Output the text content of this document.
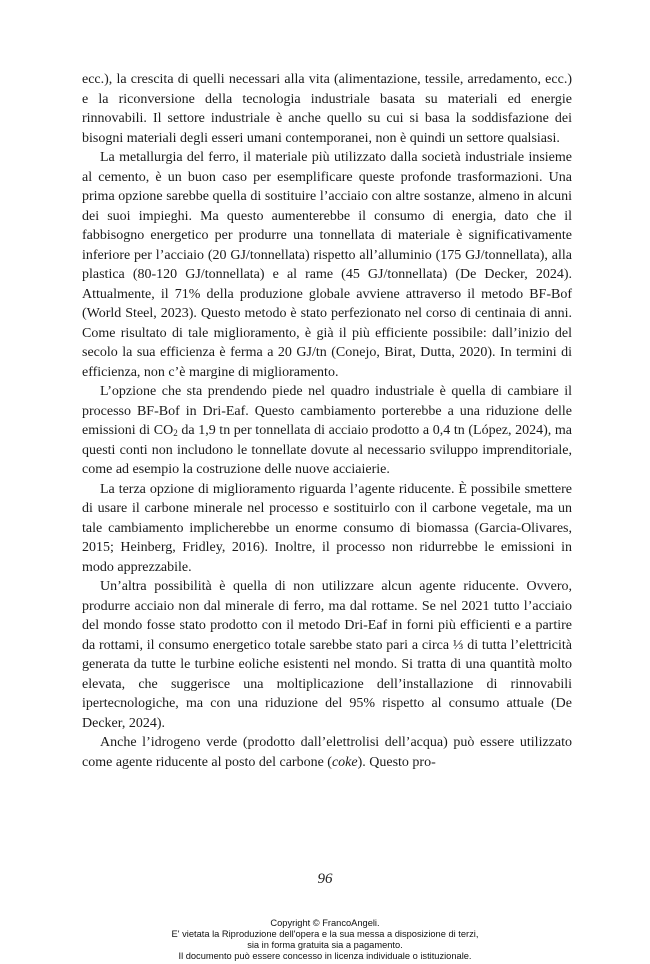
ecc.), la crescita di quelli necessari alla vita (alimentazione, tessile, arredamento, ecc.) e la riconversione della tecnologia industriale basata su materiali ed energie rinnovabili. Il settore industriale è anche quello su cui si basa la soddisfazione dei bisogni materiali degli esseri umani contemporanei, non è quindi un settore qualsiasi.

La metallurgia del ferro, il materiale più utilizzato dalla società industriale insieme al cemento, è un buon caso per esemplificare queste profonde trasformazioni. Una prima opzione sarebbe quella di sostituire l’acciaio con altre sostanze, almeno in alcuni dei suoi impieghi. Ma questo aumenterebbe il consumo di energia, dato che il fabbisogno energetico per produrre una tonnellata di materiale è significativamente inferiore per l’acciaio (20 GJ/tonnellata) rispetto all’alluminio (175 GJ/tonnellata), alla plastica (80-120 GJ/tonnellata) e al rame (45 GJ/tonnellata) (De Decker, 2024). Attualmente, il 71% della produzione globale avviene attraverso il metodo BF-Bof (World Steel, 2023). Questo metodo è stato perfezionato nel corso di centinaia di anni. Come risultato di tale miglioramento, è già il più efficiente possibile: dall’inizio del secolo la sua efficienza è ferma a 20 GJ/tn (Conejo, Birat, Dutta, 2020). In termini di efficienza, non c’è margine di miglioramento.

L’opzione che sta prendendo piede nel quadro industriale è quella di cambiare il processo BF-Bof in Dri-Eaf. Questo cambiamento porterebbe a una riduzione delle emissioni di $CO_2$ da 1,9 tn per tonnellata di acciaio prodotto a 0,4 tn (López, 2024), ma questi conti non includono le tonnellate dovute al necessario sviluppo imprenditoriale, come ad esempio la costruzione delle nuove acciaierie.

La terza opzione di miglioramento riguarda l’agente riducente. È possibile smettere di usare il carbone minerale nel processo e sostituirlo con il carbone vegetale, ma un tale cambiamento implicherebbe un enorme consumo di biomassa (Garcia-Olivares, 2015; Heinberg, Fridley, 2016). Inoltre, il processo non ridurrebbe le emissioni in modo apprezzabile.

Un’altra possibilità è quella di non utilizzare alcun agente riducente. Ovvero, produrre acciaio non dal minerale di ferro, ma dal rottame. Se nel 2021 tutto l’acciaio del mondo fosse stato prodotto con il metodo Dri-Eaf in forni più efficienti e a partire da rottami, il consumo energetico totale sarebbe stato pari a circa ⅓ di tutta l’elettricità generata da tutte le turbine eoliche esistenti nel mondo. Si tratta di una quantità molto elevata, che suggerisce una moltiplicazione dell’installazione di rinnovabili ipertecnologiche, ma con una riduzione del 95% rispetto al consumo attuale (De Decker, 2024).

Anche l’idrogeno verde (prodotto dall’elettrolisi dell’acqua) può essere utilizzato come agente riducente al posto del carbone (coke). Questo pro-

96
Copyright © FrancoAngeli.
E' vietata la Riproduzione dell'opera e la sua messa a disposizione di terzi,
sia in forma gratuita sia a pagamento.
Il documento può essere concesso in licenza individuale o istituzionale.
